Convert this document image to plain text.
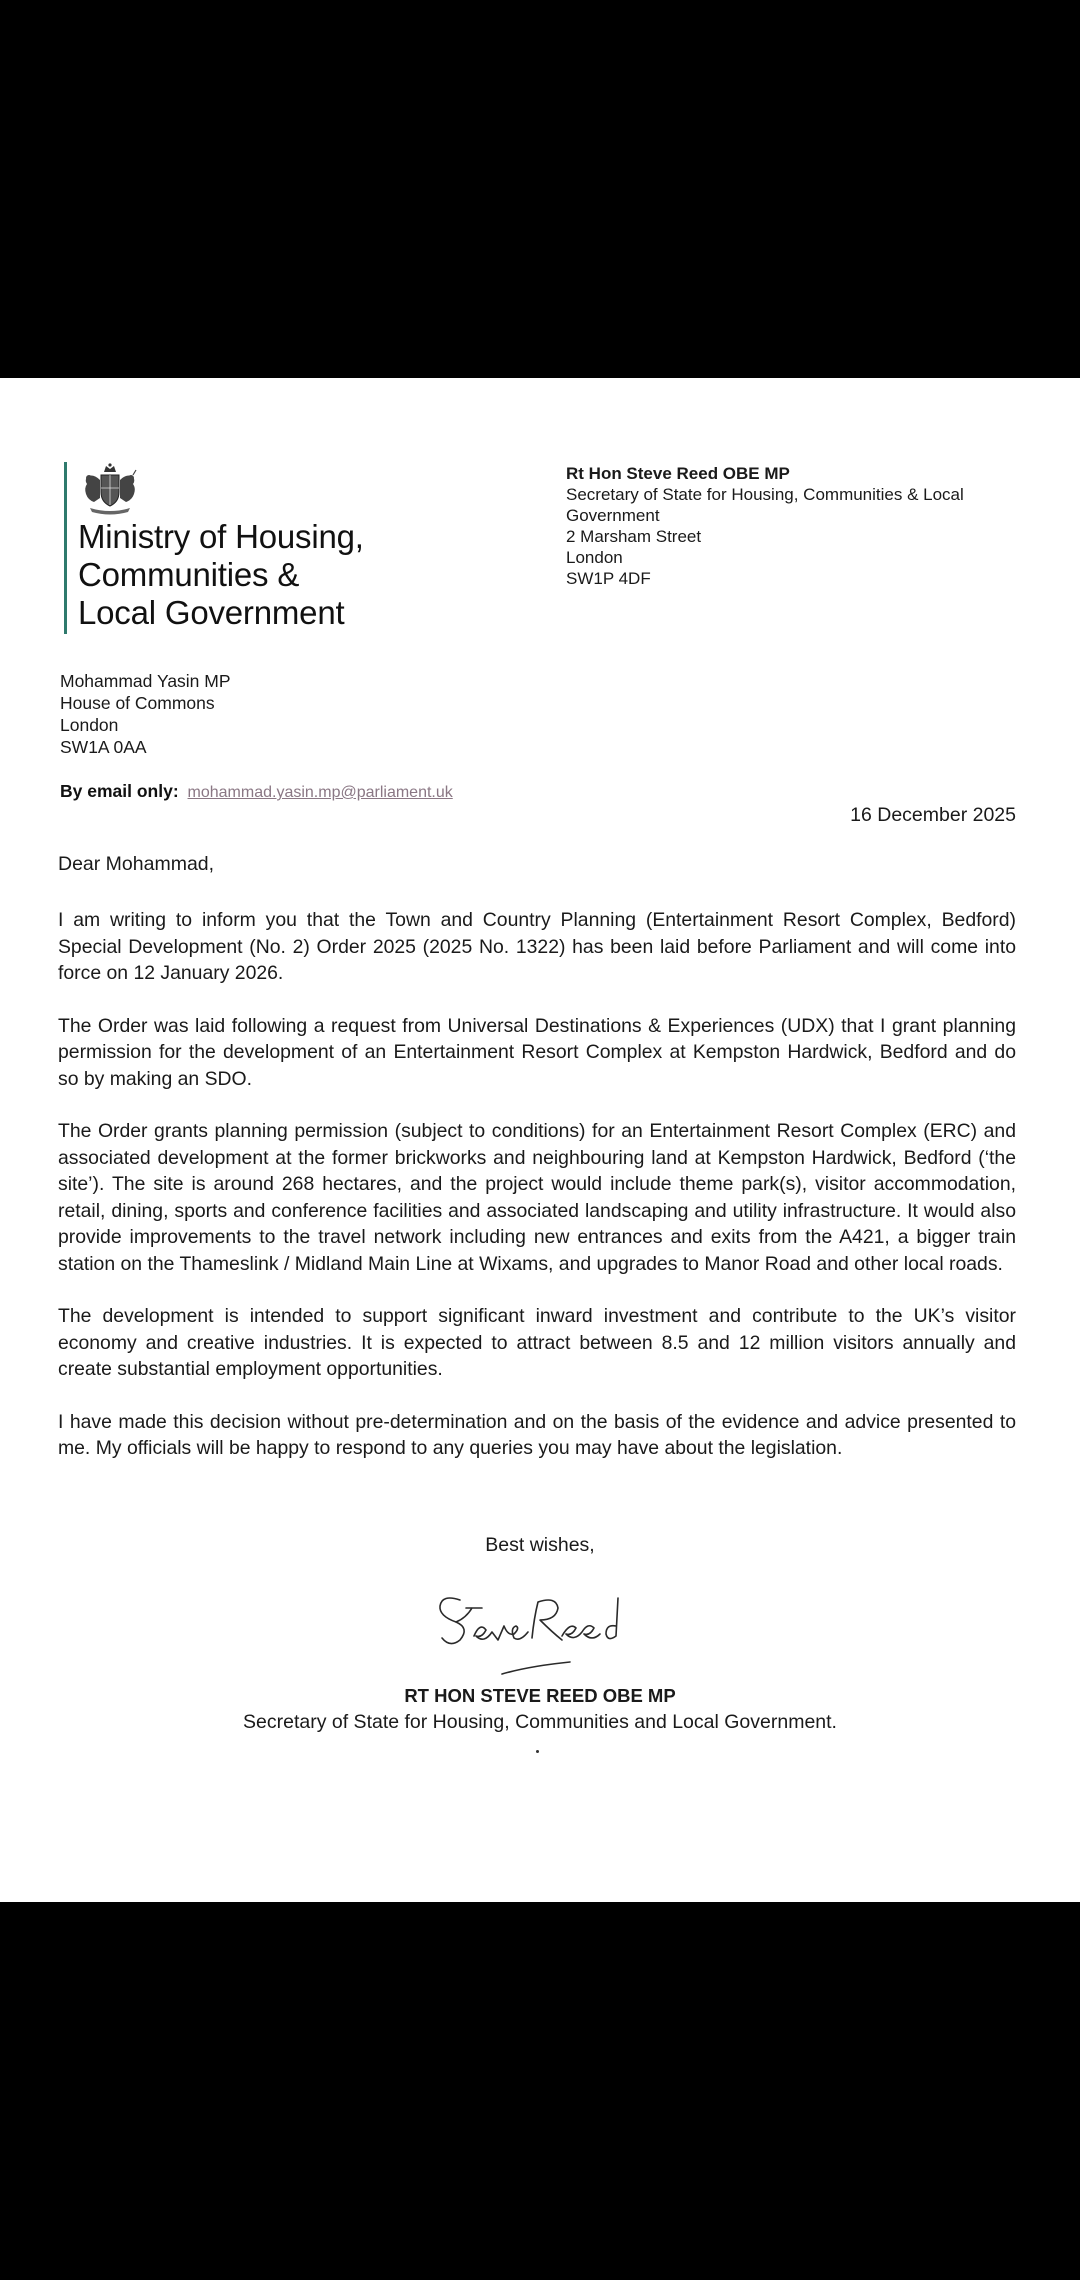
Ministry of Housing,
Communities &
Local Government
Rt Hon Steve Reed OBE MP
Secretary of State for Housing, Communities & Local
Government
2 Marsham Street
London
SW1P 4DF
Mohammad Yasin MP
House of Commons
London
SW1A 0AA
By email only: mohammad.yasin.mp@parliament.uk
16 December 2025
Dear Mohammad,

I am writing to inform you that the Town and Country Planning (Entertainment Resort Complex, Bedford) Special Development (No. 2) Order 2025 (2025 No. 1322) has been laid before Parliament and will come into force on 12 January 2026.

The Order was laid following a request from Universal Destinations & Experiences (UDX) that I grant planning permission for the development of an Entertainment Resort Complex at Kempston Hardwick, Bedford and do so by making an SDO.

The Order grants planning permission (subject to conditions) for an Entertainment Resort Complex (ERC) and associated development at the former brickworks and neighbouring land at Kempston Hardwick, Bedford (‘the site’). The site is around 268 hectares, and the project would include theme park(s), visitor accommodation, retail, dining, sports and conference facilities and associated landscaping and utility infrastructure. It would also provide improvements to the travel network including new entrances and exits from the A421, a bigger train station on the Thameslink / Midland Main Line at Wixams, and upgrades to Manor Road and other local roads.

The development is intended to support significant inward investment and contribute to the UK’s visitor economy and creative industries. It is expected to attract between 8.5 and 12 million visitors annually and create substantial employment opportunities.

I have made this decision without pre-determination and on the basis of the evidence and advice presented to me. My officials will be happy to respond to any queries you may have about the legislation.

Best wishes,
RT HON STEVE REED OBE MP
Secretary of State for Housing, Communities and Local Government.
